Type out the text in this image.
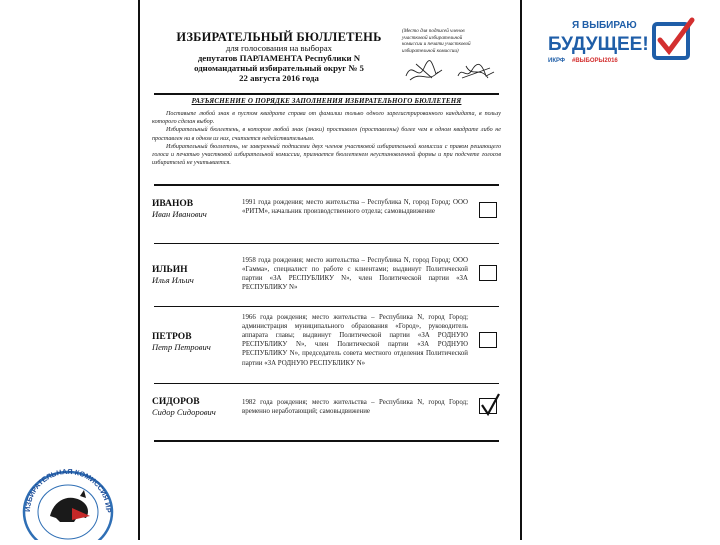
ИЗБИРАТЕЛЬНЫЙ БЮЛЛЕТЕНЬ
для голосования на выборах
депутатов ПАРЛАМЕНТА Республики N
одномандатный избирательный округ № 5
22 августа 2016 года
(Место для подписей членов
участковой избирательной
комиссии и печати участковой
избирательной комиссии)
РАЗЪЯСНЕНИЕ О ПОРЯДКЕ ЗАПОЛНЕНИЯ ИЗБИРАТЕЛЬНОГО БЮЛЛЕТЕНЯ

Поставьте любой знак в пустом квадрате справа от фамилии только одного зарегистрированного кандидата, в пользу которого сделан выбор.

Избирательный бюллетень, в котором любой знак (знаки) проставлен (проставлены) более чем в одном квадрате либо не проставлен ни в одном из них, считается недействительным.

Избирательный бюллетень, не заверенный подписями двух членов участковой избирательной комиссии с правом решающего голоса и печатью участковой избирательной комиссии, признается бюллетенем неустановленной формы и при подсчете голосов избирателей не учитывается.

ИВАНОВ
Иван Иванович
1991 года рождения; место жительства – Республика N, город Город; ООО «РИТМ», начальник производственного отдела; самовыдвижение
ИЛЬИН
Илья Ильич
1958 года рождения; место жительства – Республика N, город Город; ООО «Гамма», специалист по работе с клиентами; выдвинут Политической партии «ЗА РЕСПУБЛИКУ N», член Политической партии «ЗА РЕСПУБЛИКУ N»
ПЕТРОВ
Петр Петрович
1966 года рождения; место жительства – Республика N, город Город; администрация муниципального образования «Город», руководитель аппарата главы; выдвинут Политической партии «ЗА РОДНУЮ РЕСПУБЛИКУ N», член Политической партии «ЗА РОДНУЮ РЕСПУБЛИКУ N», председатель совета местного отделения Политической партии «ЗА РОДНУЮ РЕСПУБЛИКУ N»
СИДОРОВ
Сидор Сидорович
1982 года рождения; место жительства – Республика N, город Город; временно неработающий; самовыдвижение
Я ВЫБИРАЮ
БУДУЩЕЕ!
ИКРФ #ВЫБОРЫ2016
ИЗБИРАТЕЛЬНАЯ КОМИССИЯ ИР
